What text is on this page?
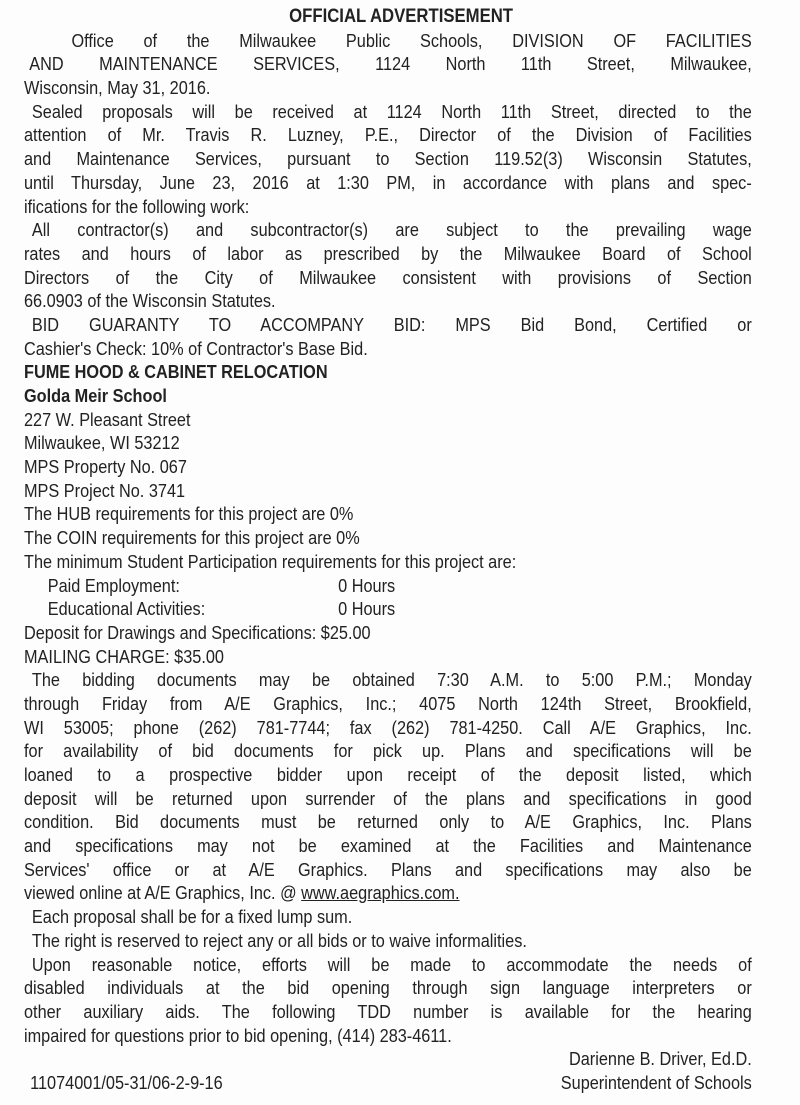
OFFICIAL ADVERTISEMENT
Office of the Milwaukee Public Schools, DIVISION OF FACILITIES
AND MAINTENANCE SERVICES, 1124 North 11th Street, Milwaukee,
Wisconsin, May 31, 2016.
Sealed proposals will be received at 1124 North 11th Street, directed to the
attention of Mr. Travis R. Luzney, P.E., Director of the Division of Facilities
and Maintenance Services, pursuant to Section 119.52(3) Wisconsin Statutes,
until Thursday, June 23, 2016 at 1:30 PM, in accordance with plans and spec-
ifications for the following work:
All contractor(s) and subcontractor(s) are subject to the prevailing wage
rates and hours of labor as prescribed by the Milwaukee Board of School
Directors of the City of Milwaukee consistent with provisions of Section
66.0903 of the Wisconsin Statutes.
BID GUARANTY TO ACCOMPANY BID: MPS Bid Bond, Certified or
Cashier's Check: 10% of Contractor's Base Bid.
FUME HOOD & CABINET RELOCATION
Golda Meir School
227 W. Pleasant Street
Milwaukee, WI 53212
MPS Property No. 067
MPS Project No. 3741
The HUB requirements for this project are 0%
The COIN requirements for this project are 0%
The minimum Student Participation requirements for this project are:
Paid Employment:	0 Hours
Educational Activities:	0 Hours
Deposit for Drawings and Specifications: $25.00
MAILING CHARGE: $35.00
The bidding documents may be obtained 7:30 A.M. to 5:00 P.M.; Monday
through Friday from A/E Graphics, Inc.; 4075 North 124th Street, Brookfield,
WI 53005; phone (262) 781-7744; fax (262) 781-4250. Call A/E Graphics, Inc.
for availability of bid documents for pick up. Plans and specifications will be
loaned to a prospective bidder upon receipt of the deposit listed, which
deposit will be returned upon surrender of the plans and specifications in good
condition. Bid documents must be returned only to A/E Graphics, Inc. Plans
and specifications may not be examined at the Facilities and Maintenance
Services' office or at A/E Graphics. Plans and specifications may also be
viewed online at A/E Graphics, Inc. @ www.aegraphics.com.
Each proposal shall be for a fixed lump sum.
The right is reserved to reject any or all bids or to waive informalities.
Upon reasonable notice, efforts will be made to accommodate the needs of
disabled individuals at the bid opening through sign language interpreters or
other auxiliary aids. The following TDD number is available for the hearing
impaired for questions prior to bid opening, (414) 283-4611.
Darienne B. Driver, Ed.D.
11074001/05-31/06-2-9-16	Superintendent of Schools
